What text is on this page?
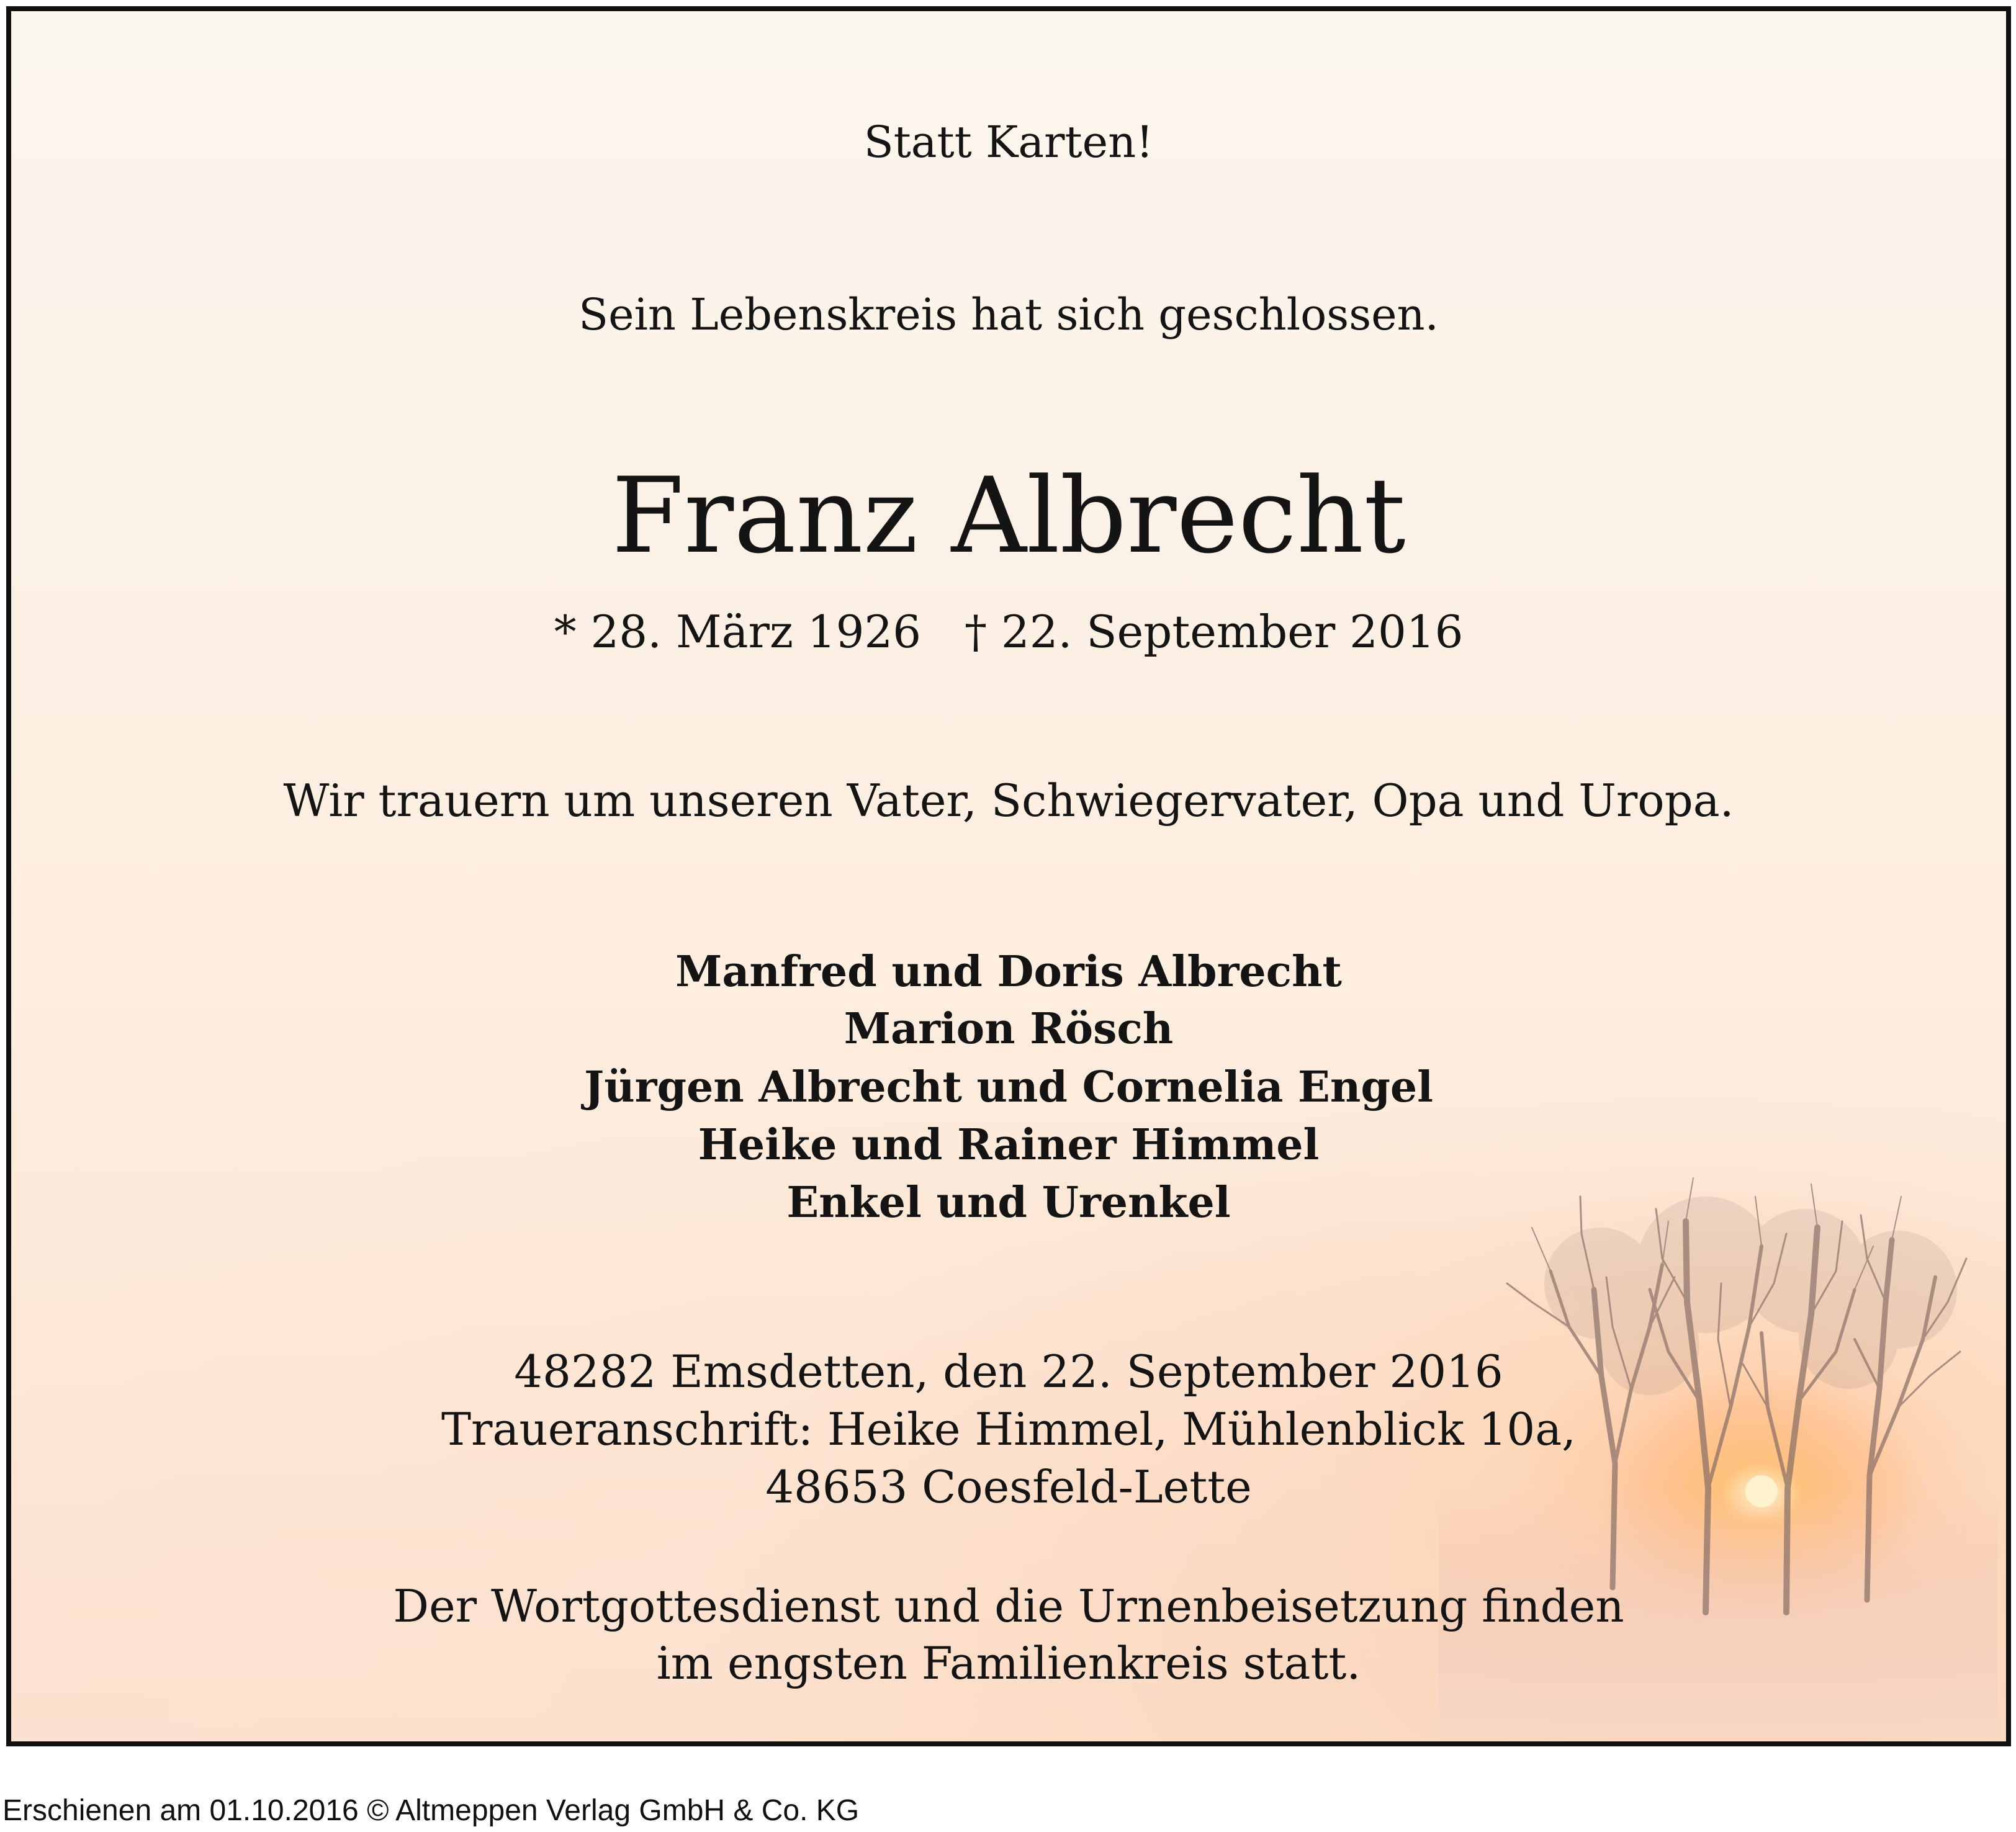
Statt Karten!

Sein Lebenskreis hat sich geschlossen.

Franz Albrecht

* 28. März 1926 † 22. September 2016

Wir trauern um unseren Vater, Schwiegervater, Opa und Uropa.

Manfred und Doris Albrecht

Marion Rösch

Jürgen Albrecht und Cornelia Engel

Heike und Rainer Himmel

Enkel und Urenkel

48282 Emsdetten, den 22. September 2016

Traueranschrift: Heike Himmel, Mühlenblick 10a,

48653 Coesfeld-Lette

Der Wortgottesdienst und die Urnenbeisetzung finden

im engsten Familienkreis statt.

Erschienen am 01.10.2016 © Altmeppen Verlag GmbH & Co. KG
